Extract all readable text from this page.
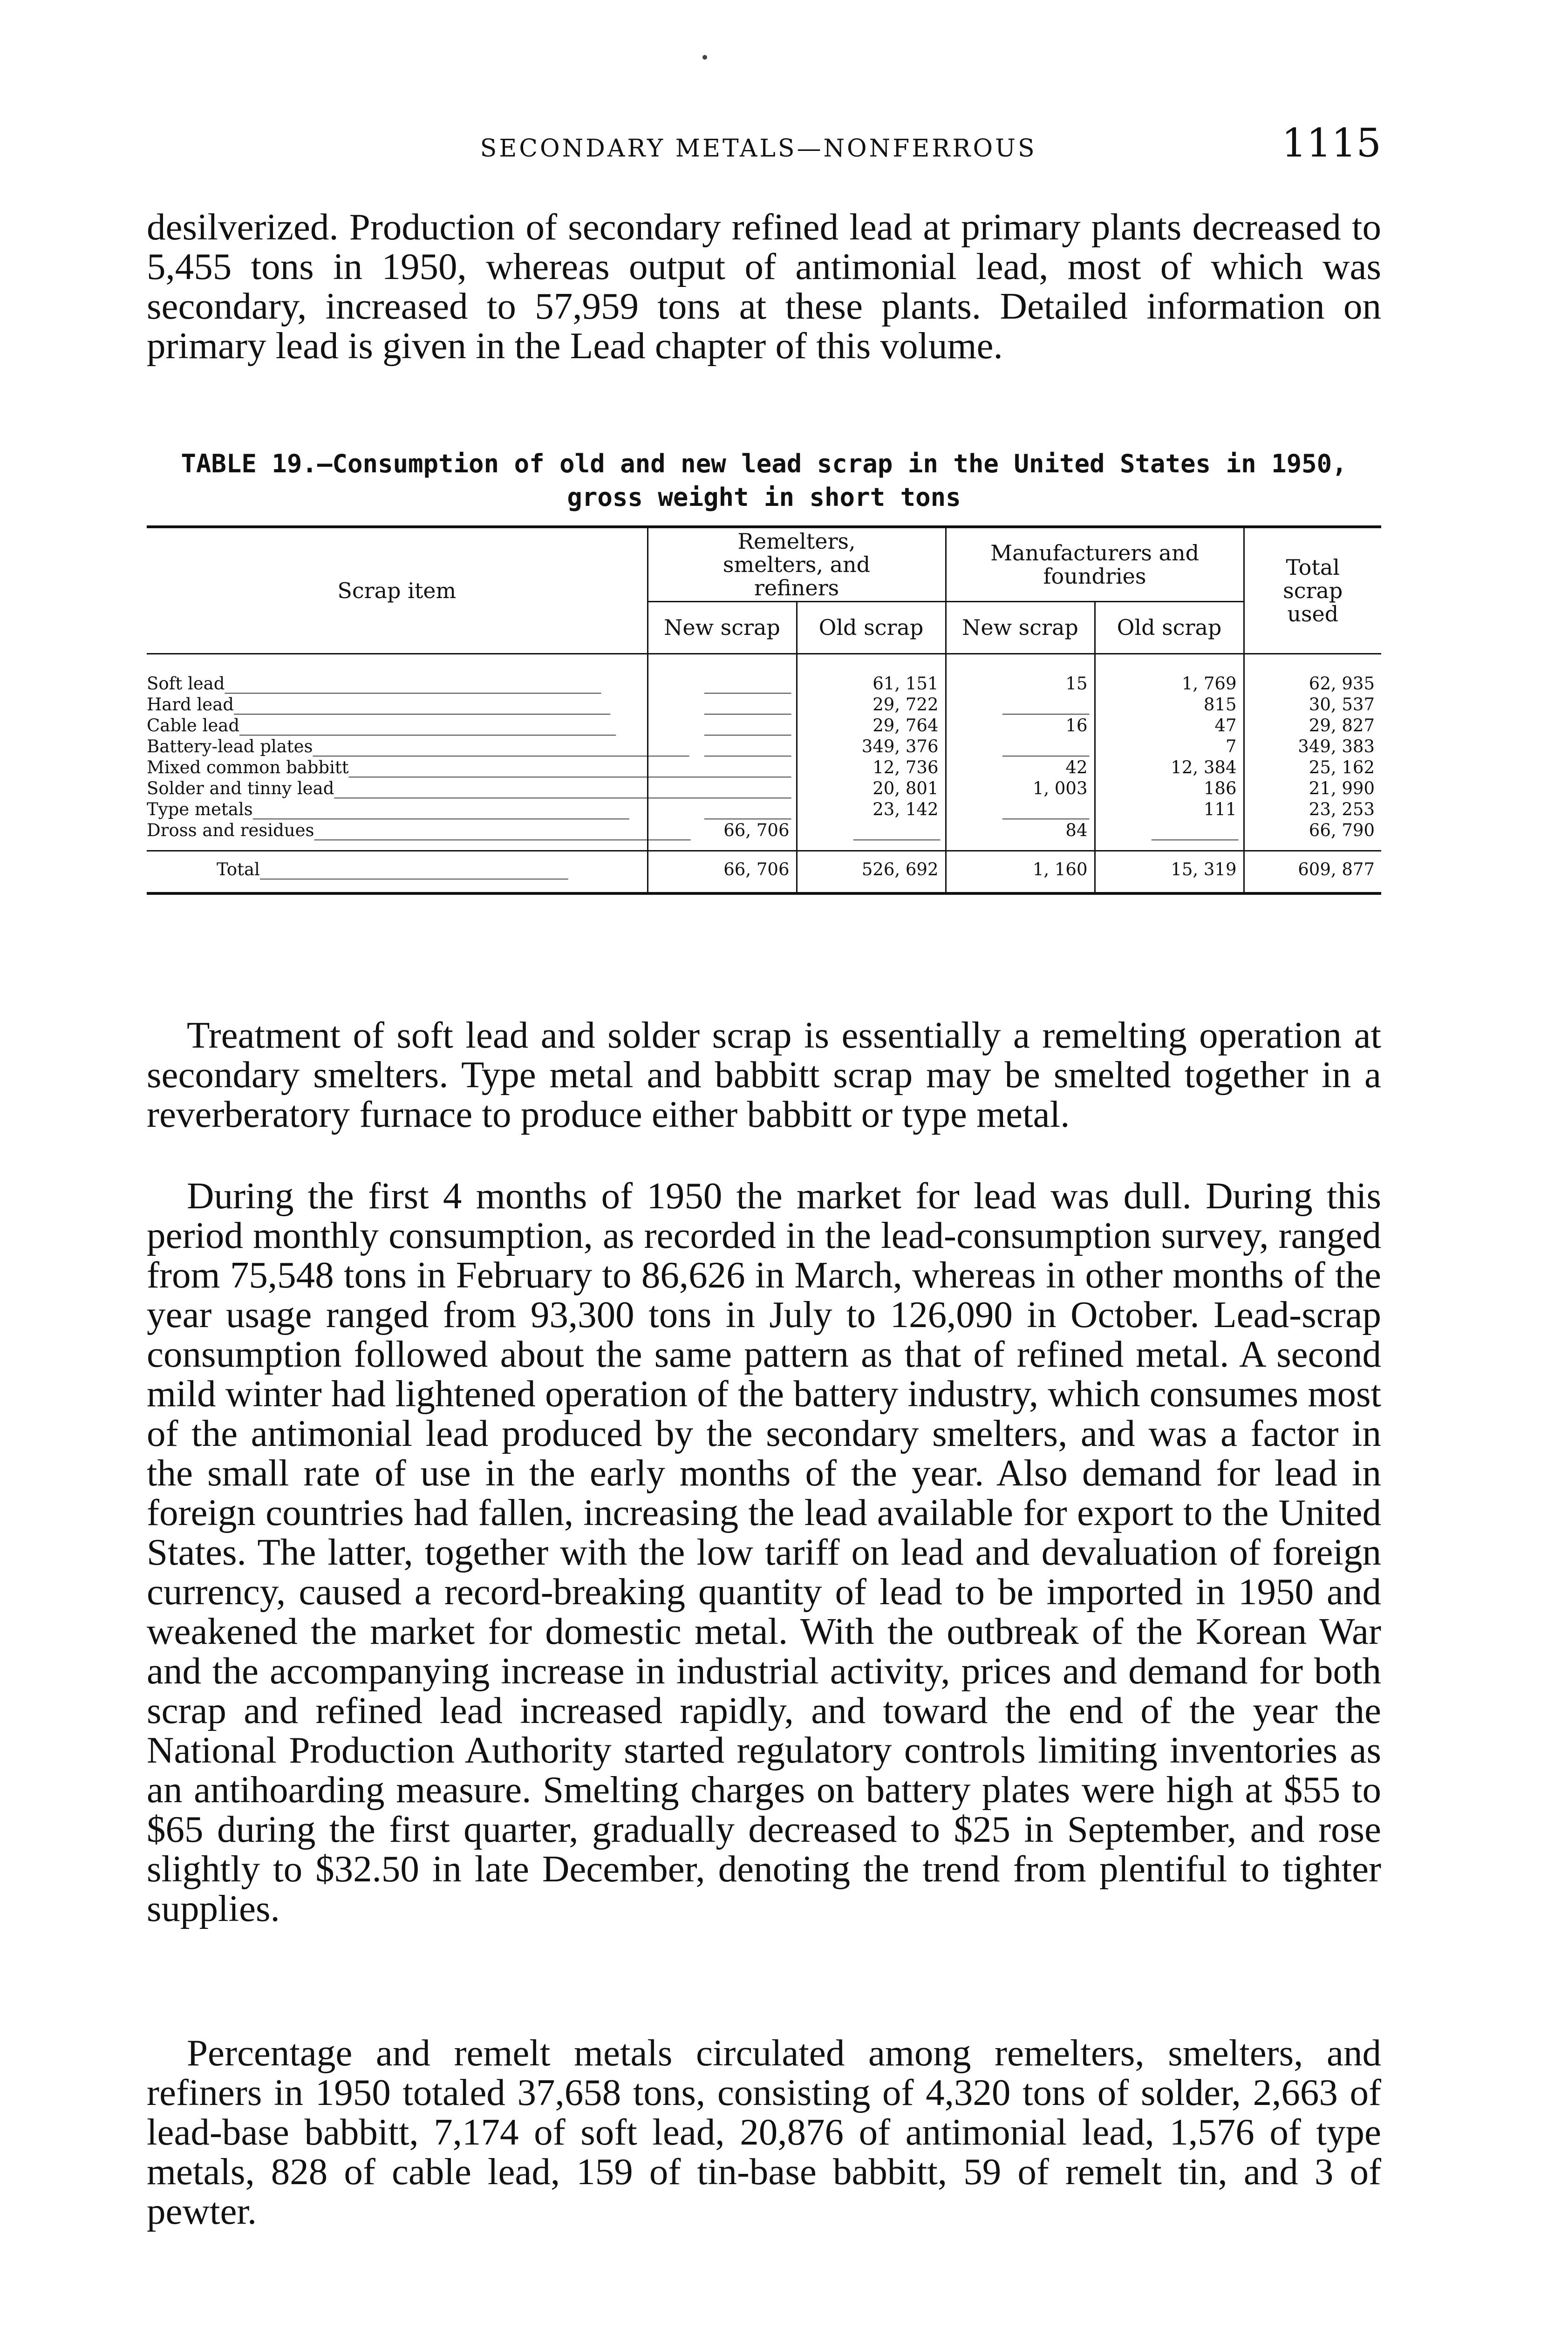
SECONDARY METALS—NONFERROUS	1115

desilverized. Production of secondary refined lead at primary plants decreased to 5,455 tons in 1950, whereas output of antimonial lead, most of which was secondary, increased to 57,959 tons at these plants. Detailed information on primary lead is given in the Lead chapter of this volume.

TABLE 19.—Consumption of old and new lead scrap in the United States in 1950,
gross weight in short tons
Scrap item	Remelters, smelters, and refiners		Manufacturers and foundries		Total scrap used
	New scrap	Old scrap	New scrap	Old scrap	
Soft lead____________________________________________	__________	61, 151	15	1, 769	62, 935
Hard lead____________________________________________	__________	29, 722	__________	815	30, 537
Cable lead____________________________________________	__________	29, 764	16	47	29, 827
Battery-lead plates____________________________________________	__________	349, 376	__________	7	349, 383
Mixed common babbitt____________________________________________	__________	12, 736	42	12, 384	25, 162
Solder and tinny lead____________________________________________	__________	20, 801	1, 003	186	21, 990
Type metals____________________________________________	__________	23, 142	__________	111	23, 253
Dross and residues____________________________________________	66, 706	__________	84	__________	66, 790
Total____________________________________	66, 706	526, 692	1, 160	15, 319	609, 877

Treatment of soft lead and solder scrap is essentially a remelting operation at secondary smelters. Type metal and babbitt scrap may be smelted together in a reverberatory furnace to produce either babbitt or type metal.

During the first 4 months of 1950 the market for lead was dull. During this period monthly consumption, as recorded in the lead-consumption survey, ranged from 75,548 tons in February to 86,626 in March, whereas in other months of the year usage ranged from 93,300 tons in July to 126,090 in October. Lead-scrap consumption followed about the same pattern as that of refined metal. A second mild winter had lightened operation of the battery industry, which consumes most of the antimonial lead produced by the secondary smelters, and was a factor in the small rate of use in the early months of the year. Also demand for lead in foreign countries had fallen, increasing the lead available for export to the United States. The latter, together with the low tariff on lead and devaluation of foreign currency, caused a record-breaking quantity of lead to be imported in 1950 and weakened the market for domestic metal. With the outbreak of the Korean War and the accompanying increase in industrial activity, prices and demand for both scrap and refined lead increased rapidly, and toward the end of the year the National Production Authority started regulatory controls limiting inventories as an antihoarding measure. Smelting charges on battery plates were high at $55 to $65 during the first quarter, gradually decreased to $25 in September, and rose slightly to $32.50 in late December, denoting the trend from plentiful to tighter supplies.

Percentage and remelt metals circulated among remelters, smelters, and refiners in 1950 totaled 37,658 tons, consisting of 4,320 tons of solder, 2,663 of lead-base babbitt, 7,174 of soft lead, 20,876 of antimonial lead, 1,576 of type metals, 828 of cable lead, 159 of tin-base babbitt, 59 of remelt tin, and 3 of pewter.
